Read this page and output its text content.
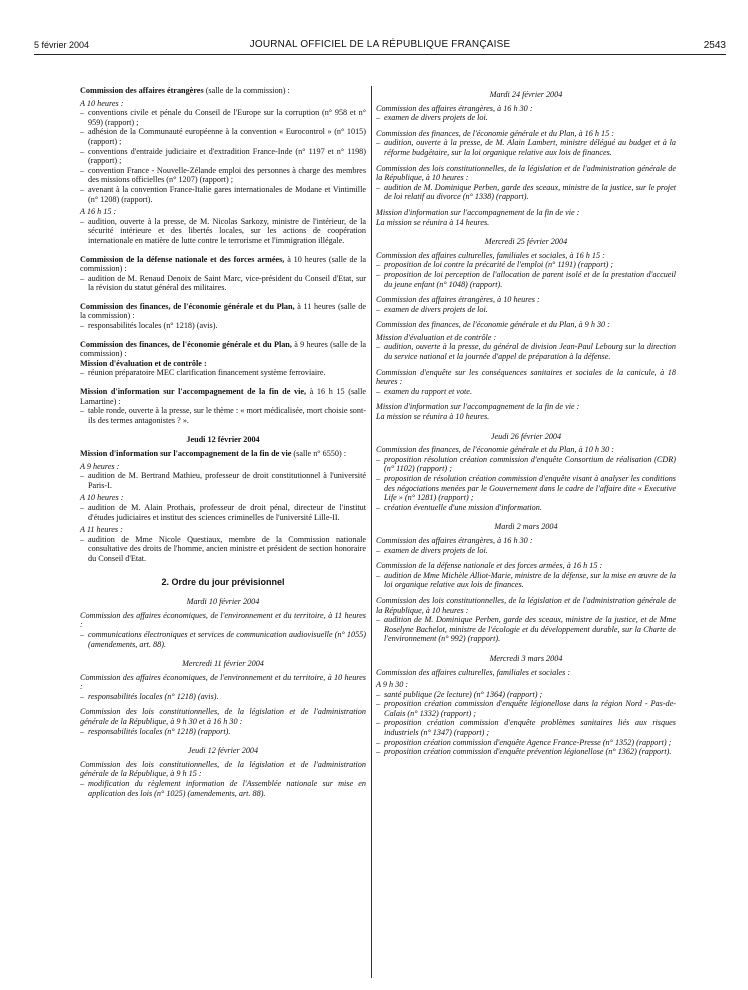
5 février 2004	JOURNAL OFFICIEL DE LA RÉPUBLIQUE FRANÇAISE	2543

Commission des affaires étrangères (salle de la commission) :

A 10 heures :

– conventions civile et pénale du Conseil de l'Europe sur la corruption (n° 958 et n° 959) (rapport) ;
– adhésion de la Communauté européenne à la convention « Eurocontrol » (n° 1015) (rapport) ;
– conventions d'entraide judiciaire et d'extradition France-Inde (n° 1197 et n° 1198) (rapport) ;
– convention France - Nouvelle-Zélande emploi des personnes à charge des membres des missions officielles (n° 1207) (rapport) ;
– avenant à la convention France-Italie gares internationales de Modane et Vintimille (n° 1208) (rapport).

A 16 h 15 :

– audition, ouverte à la presse, de M. Nicolas Sarkozy, ministre de l'intérieur, de la sécurité intérieure et des libertés locales, sur les actions de coopération internationale en matière de lutte contre le terrorisme et l'immigration illégale.

Commission de la défense nationale et des forces armées, à 10 heures (salle de la commission) :

– audition de M. Renaud Denoix de Saint Marc, vice-président du Conseil d'Etat, sur la révision du statut général des militaires.

Commission des finances, de l'économie générale et du Plan, à 11 heures (salle de la commission) :

– responsabilités locales (n° 1218) (avis).

Commission des finances, de l'économie générale et du Plan, à 9 heures (salle de la commission) :

Mission d'évaluation et de contrôle :

– réunion préparatoire MEC clarification financement système ferroviaire.

Mission d'information sur l'accompagnement de la fin de vie, à 16 h 15 (salle Lamartine) :

– table ronde, ouverte à la presse, sur le thème : « mort médicalisée, mort choisie sont-ils des termes antagonistes ? ».

Jeudi 12 février 2004

Mission d'information sur l'accompagnement de la fin de vie (salle n° 6550) :

A 9 heures :

– audition de M. Bertrand Mathieu, professeur de droit constitutionnel à l'université Paris-I.

A 10 heures :

– audition de M. Alain Prothais, professeur de droit pénal, directeur de l'institut d'études judiciaires et institut des sciences criminelles de l'université Lille-II.

A 11 heures :

– audition de Mme Nicole Questiaux, membre de la Commission nationale consultative des droits de l'homme, ancien ministre et président de section honoraire du Conseil d'Etat.

2. Ordre du jour prévisionnel

Mardi 10 février 2004

Commission des affaires économiques, de l'environnement et du territoire, à 11 heures :

– communications électroniques et services de communication audiovisuelle (n° 1055) (amendements, art. 88).

Mercredi 11 février 2004

Commission des affaires économiques, de l'environnement et du territoire, à 10 heures :

– responsabilités locales (n° 1218) (avis).

Commission des lois constitutionnelles, de la législation et de l'administration générale de la République, à 9 h 30 et à 16 h 30 :

– responsabilités locales (n° 1218) (rapport).

Jeudi 12 février 2004

Commission des lois constitutionnelles, de la législation et de l'administration générale de la République, à 9 h 15 :

– modification du règlement information de l'Assemblée nationale sur mise en application des lois (n° 1025) (amendements, art. 88).

Mardi 24 février 2004

Commission des affaires étrangères, à 16 h 30 :

– examen de divers projets de loi.

Commission des finances, de l'économie générale et du Plan, à 16 h 15 :

– audition, ouverte à la presse, de M. Alain Lambert, ministre délégué au budget et à la réforme budgétaire, sur la loi organique relative aux lois de finances.

Commission des lois constitutionnelles, de la législation et de l'administration générale de la République, à 10 heures :

– audition de M. Dominique Perben, garde des sceaux, ministre de la justice, sur le projet de loi relatif au divorce (n° 1338) (rapport).

Mission d'information sur l'accompagnement de la fin de vie :

La mission se réunira à 14 heures.

Mercredi 25 février 2004

Commission des affaires culturelles, familiales et sociales, à 16 h 15 :

– proposition de loi contre la précarité de l'emploi (n° 1191) (rapport) ;
– proposition de loi perception de l'allocation de parent isolé et de la prestation d'accueil du jeune enfant (n° 1048) (rapport).

Commission des affaires étrangères, à 10 heures :

– examen de divers projets de loi.

Commission des finances, de l'économie générale et du Plan, à 9 h 30 :

Mission d'évaluation et de contrôle :

– audition, ouverte à la presse, du général de division Jean-Paul Lebourg sur la direction du service national et la journée d'appel de préparation à la défense.

Commission d'enquête sur les conséquences sanitaires et sociales de la canicule, à 18 heures :

– examen du rapport et vote.

Mission d'information sur l'accompagnement de la fin de vie :

La mission se réunira à 10 heures.

Jeudi 26 février 2004

Commission des finances, de l'économie générale et du Plan, à 10 h 30 :

– proposition résolution création commission d'enquête Consortium de réalisation (CDR) (n° 1102) (rapport) ;
– proposition de résolution création commission d'enquête visant à analyser les conditions des négociations menées par le Gouvernement dans le cadre de l'affaire dite « Executive Life » (n° 1281) (rapport) ;
– création éventuelle d'une mission d'information.

Mardi 2 mars 2004

Commission des affaires étrangères, à 16 h 30 :

– examen de divers projets de loi.

Commission de la défense nationale et des forces armées, à 16 h 15 :

– audition de Mme Michèle Alliot-Marie, ministre de la défense, sur la mise en œuvre de la loi organique relative aux lois de finances.

Commission des lois constitutionnelles, de la législation et de l'administration générale de la République, à 10 heures :

– audition de M. Dominique Perben, garde des sceaux, ministre de la justice, et de Mme Roselyne Bachelot, ministre de l'écologie et du développement durable, sur la Charte de l'environnement (n° 992) (rapport).

Mercredi 3 mars 2004

Commission des affaires culturelles, familiales et sociales :

A 9 h 30 :

– santé publique (2e lecture) (n° 1364) (rapport) ;
– proposition création commission d'enquête légionellose dans la région Nord - Pas-de-Calais (n° 1332) (rapport) ;
– proposition création commission d'enquête problèmes sanitaires liés aux risques industriels (n° 1347) (rapport) ;
– proposition création commission d'enquête Agence France-Presse (n° 1352) (rapport) ;
– proposition création commission d'enquête prévention légionellose (n° 1362) (rapport).
